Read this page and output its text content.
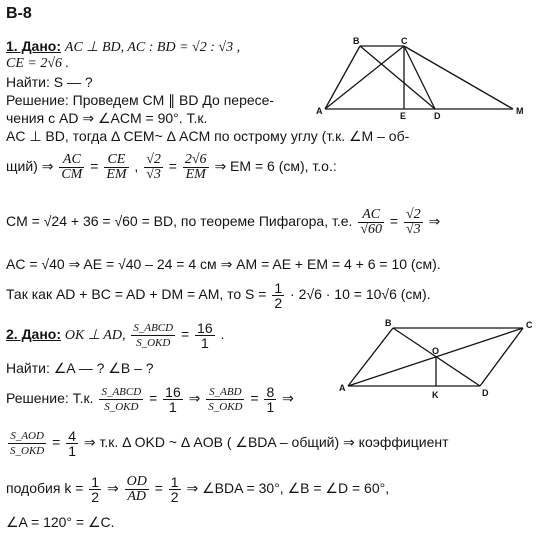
В-8
1. Дано: AC ⊥ BD, AC : BD = √2 : √3 ,
CE = 2√6 .
Найти: S — ?
Решение: Проведем CM ∥ BD До пересе-
чения с AD ⇒ ∠ACM = 90°. Т.к.
AC ⊥ BD, тогда Δ CEM~ Δ ACM по острому углу (т.к. ∠M – об-
щий) ⇒ $\frac{AC}{CM} = \frac{CE}{EM}$ , $\frac{√2}{√3} = \frac{2√6}{EM}$ ⇒ EM = 6 (см), т.о.:
CM = √24 + 36 = √60 = BD, по теореме Пифагора, т.е. $\frac{AC}{√60} = \frac{√2}{√3}$ ⇒
AC = √40 ⇒ AE = √40 – 24 = 4 см ⇒ AM = AE + EM = 4 + 6 = 10 (см).
Так как AD + BC = AD + DM = AM, то $S = \frac{1}{2} \cdot 2√6 \cdot 10 = 10√6$ (см).
B	C
A	E	D	M
2. Дано: OK ⊥ AD, $\frac{\text{S\_ABCD}}{\text{S\_OKD}} = \frac{16}{1}$ .
Найти: ∠A — ? ∠B – ?
Решение: Т.к. $\frac{\text{S\_ABCD}}{\text{S\_OKD}} = \frac{16}{1}$ ⇒ $\frac{\text{S\_ABD}}{\text{S\_OKD}} = \frac{8}{1}$ ⇒
$\frac{\text{S\_AOD}}{\text{S\_OKD}} = \frac{4}{1}$ ⇒ т.к. Δ OKD ~ Δ AOB ( ∠BDA – общий) ⇒ коэффициент
подобия $k = \frac{1}{2}$ ⇒ $\frac{OD}{AD} = \frac{1}{2}$ ⇒ ∠BDA = 30°, ∠B = ∠D = 60°,
∠A = 120° = ∠C.
B	C
A
O
K	D
